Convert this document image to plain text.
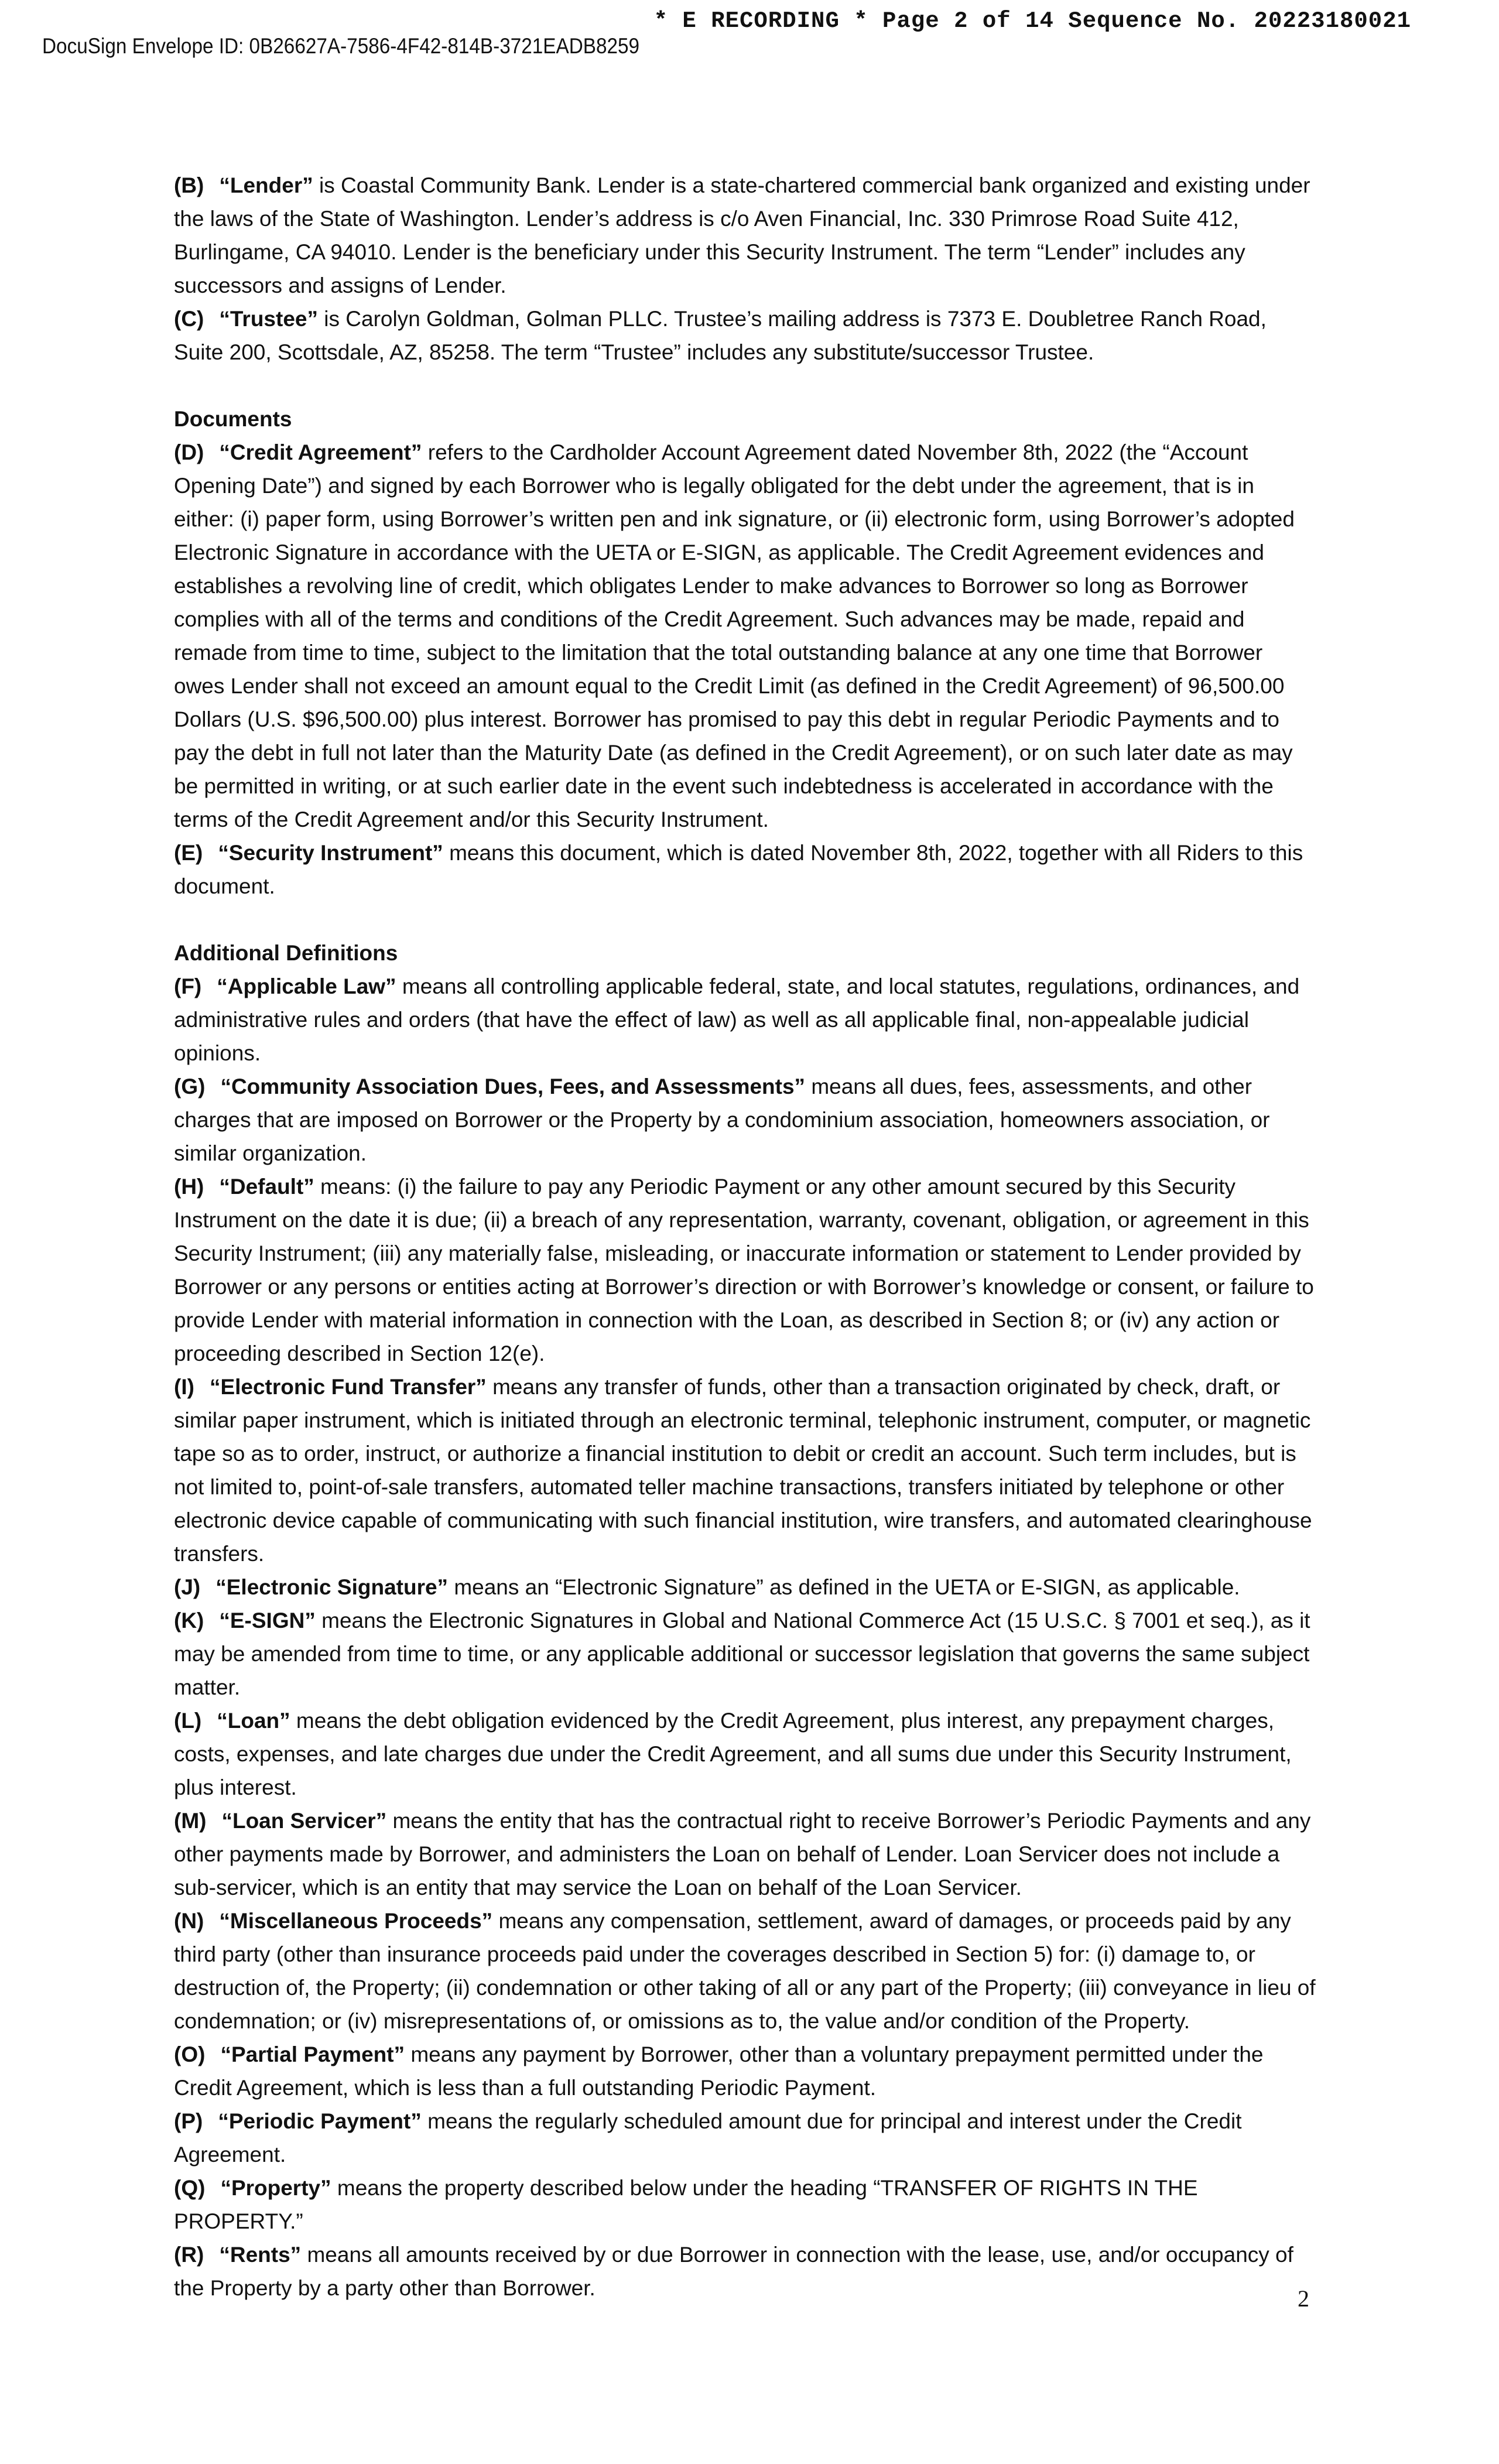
* E RECORDING * Page 2 of 14 Sequence No. 20223180021
DocuSign Envelope ID: 0B26627A-7586-4F42-814B-3721EADB8259

(B) “Lender” is Coastal Community Bank. Lender is a state-chartered commercial bank organized and existing under the laws of the State of Washington. Lender’s address is c/o Aven Financial, Inc. 330 Primrose Road Suite 412, Burlingame, CA 94010. Lender is the beneficiary under this Security Instrument. The term “Lender” includes any successors and assigns of Lender.

(C) “Trustee” is Carolyn Goldman, Golman PLLC. Trustee’s mailing address is 7373 E. Doubletree Ranch Road, Suite 200, Scottsdale, AZ, 85258. The term “Trustee” includes any substitute/successor Trustee.

Documents

(D) “Credit Agreement” refers to the Cardholder Account Agreement dated November 8th, 2022 (the “Account Opening Date”) and signed by each Borrower who is legally obligated for the debt under the agreement, that is in either: (i) paper form, using Borrower’s written pen and ink signature, or (ii) electronic form, using Borrower’s adopted Electronic Signature in accordance with the UETA or E-SIGN, as applicable. The Credit Agreement evidences and establishes a revolving line of credit, which obligates Lender to make advances to Borrower so long as Borrower complies with all of the terms and conditions of the Credit Agreement. Such advances may be made, repaid and remade from time to time, subject to the limitation that the total outstanding balance at any one time that Borrower owes Lender shall not exceed an amount equal to the Credit Limit (as defined in the Credit Agreement) of 96,500.00 Dollars (U.S. $96,500.00) plus interest. Borrower has promised to pay this debt in regular Periodic Payments and to pay the debt in full not later than the Maturity Date (as defined in the Credit Agreement), or on such later date as may be permitted in writing, or at such earlier date in the event such indebtedness is accelerated in accordance with the terms of the Credit Agreement and/or this Security Instrument.

(E) “Security Instrument” means this document, which is dated November 8th, 2022, together with all Riders to this document.

Additional Definitions

(F) “Applicable Law” means all controlling applicable federal, state, and local statutes, regulations, ordinances, and administrative rules and orders (that have the effect of law) as well as all applicable final, non-appealable judicial opinions.

(G) “Community Association Dues, Fees, and Assessments” means all dues, fees, assessments, and other charges that are imposed on Borrower or the Property by a condominium association, homeowners association, or similar organization.

(H) “Default” means: (i) the failure to pay any Periodic Payment or any other amount secured by this Security Instrument on the date it is due; (ii) a breach of any representation, warranty, covenant, obligation, or agreement in this Security Instrument; (iii) any materially false, misleading, or inaccurate information or statement to Lender provided by Borrower or any persons or entities acting at Borrower’s direction or with Borrower’s knowledge or consent, or failure to provide Lender with material information in connection with the Loan, as described in Section 8; or (iv) any action or proceeding described in Section 12(e).

(I) “Electronic Fund Transfer” means any transfer of funds, other than a transaction originated by check, draft, or similar paper instrument, which is initiated through an electronic terminal, telephonic instrument, computer, or magnetic tape so as to order, instruct, or authorize a financial institution to debit or credit an account. Such term includes, but is not limited to, point-of-sale transfers, automated teller machine transactions, transfers initiated by telephone or other electronic device capable of communicating with such financial institution, wire transfers, and automated clearinghouse transfers.

(J) “Electronic Signature” means an “Electronic Signature” as defined in the UETA or E-SIGN, as applicable.

(K) “E-SIGN” means the Electronic Signatures in Global and National Commerce Act (15 U.S.C. § 7001 et seq.), as it may be amended from time to time, or any applicable additional or successor legislation that governs the same subject matter.

(L) “Loan” means the debt obligation evidenced by the Credit Agreement, plus interest, any prepayment charges, costs, expenses, and late charges due under the Credit Agreement, and all sums due under this Security Instrument, plus interest.

(M) “Loan Servicer” means the entity that has the contractual right to receive Borrower’s Periodic Payments and any other payments made by Borrower, and administers the Loan on behalf of Lender. Loan Servicer does not include a sub-servicer, which is an entity that may service the Loan on behalf of the Loan Servicer.

(N) “Miscellaneous Proceeds” means any compensation, settlement, award of damages, or proceeds paid by any third party (other than insurance proceeds paid under the coverages described in Section 5) for: (i) damage to, or destruction of, the Property; (ii) condemnation or other taking of all or any part of the Property; (iii) conveyance in lieu of condemnation; or (iv) misrepresentations of, or omissions as to, the value and/or condition of the Property.

(O) “Partial Payment” means any payment by Borrower, other than a voluntary prepayment permitted under the Credit Agreement, which is less than a full outstanding Periodic Payment.

(P) “Periodic Payment” means the regularly scheduled amount due for principal and interest under the Credit Agreement.

(Q) “Property” means the property described below under the heading “TRANSFER OF RIGHTS IN THE PROPERTY.”

(R) “Rents” means all amounts received by or due Borrower in connection with the lease, use, and/or occupancy of the Property by a party other than Borrower.	2
